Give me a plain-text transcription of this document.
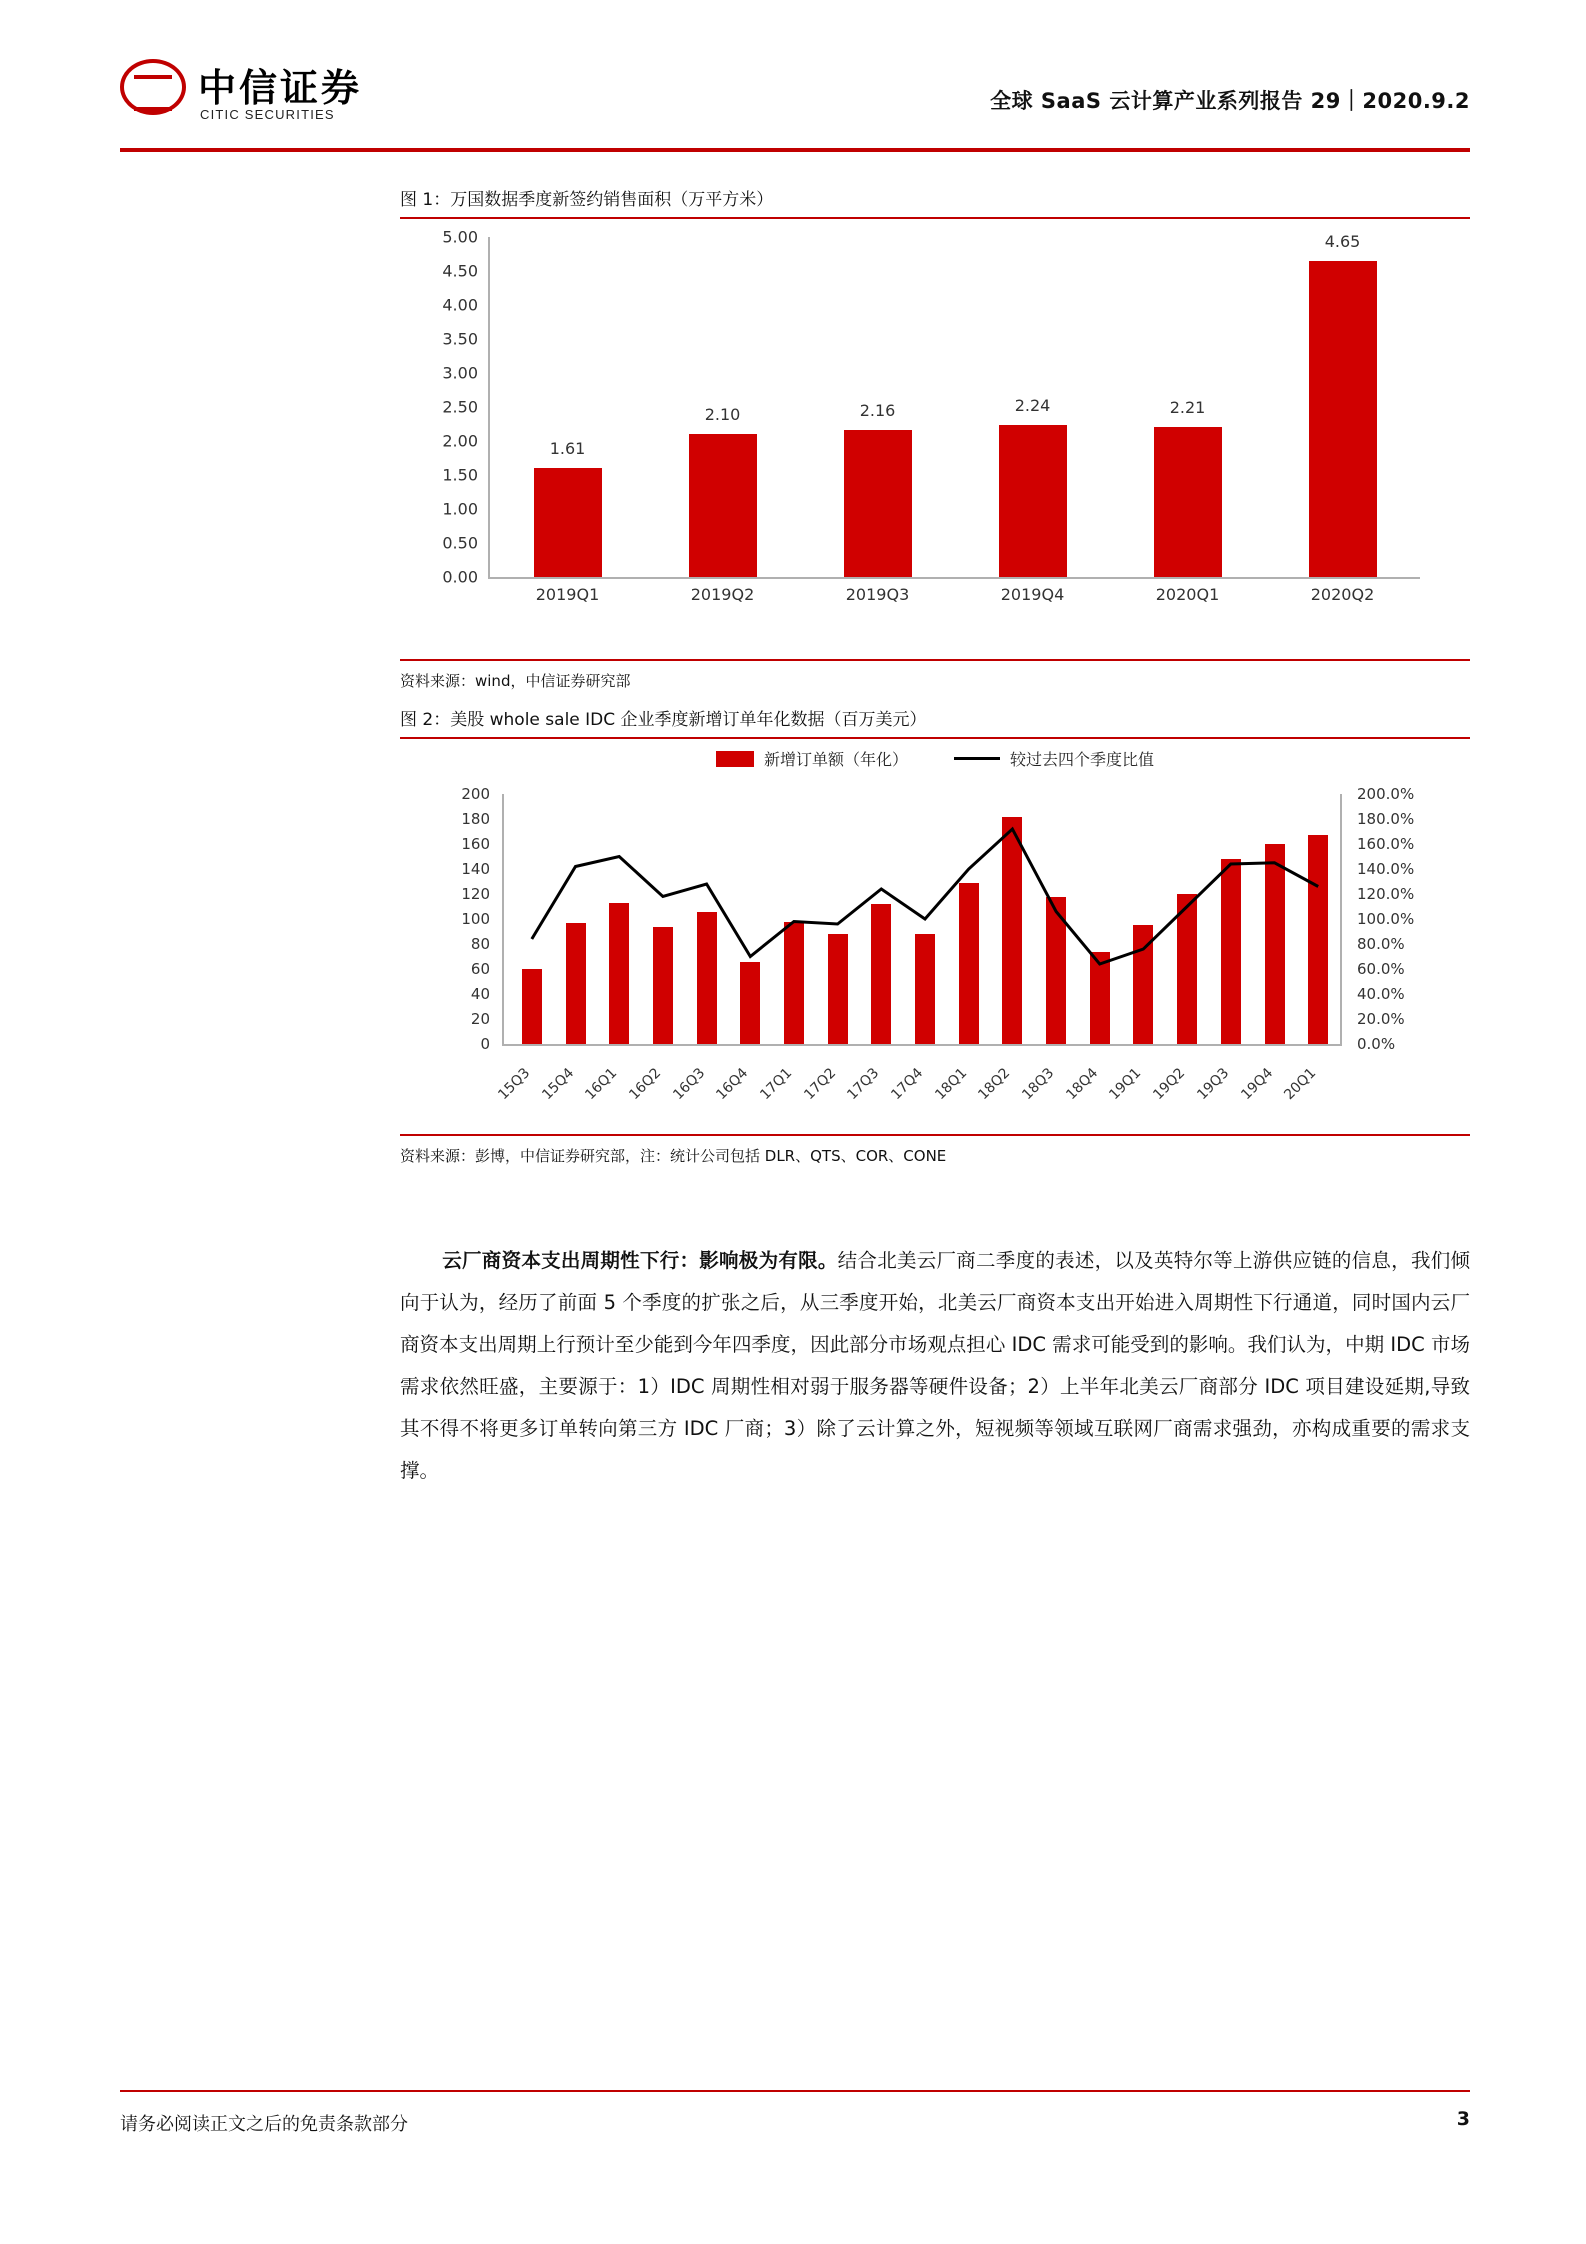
中信证券
CITIC SECURITIES
全球 SaaS 云计算产业系列报告 29｜2020.9.2
图 1：万国数据季度新签约销售面积（万平方米）
0.00
0.50
1.00
1.50
2.00
2.50
3.00
3.50
4.00
4.50
5.00
1.61
2.10	2.16	2.24	2.21
4.65
2019Q1	2019Q2	2019Q3	2019Q4	2020Q1	2020Q2
资料来源：wind，中信证券研究部
图 2：美股 whole sale IDC 企业季度新增订单年化数据（百万美元）
新增订单额（年化）	较过去四个季度比值
0
20
40
60
80
100
120
140
160
180
200
0.0%
20.0%
40.0%
60.0%
80.0%
100.0%
120.0%
140.0%
160.0%
180.0%
200.0%
15Q3 15Q4 16Q1 16Q2 16Q3 16Q4 17Q1 17Q2 17Q3 17Q4 18Q1 18Q2 18Q3 18Q4 19Q1 19Q2 19Q3 19Q4 20Q1
资料来源：彭博，中信证券研究部，注：统计公司包括 DLR、QTS、COR、CONE
云厂商资本支出周期性下行：影响极为有限。结合北美云厂商二季度的表述，以及英特尔等上游供应链的信息，我们倾向于认为，经历了前面 5 个季度的扩张之后，从三季度开始，北美云厂商资本支出开始进入周期性下行通道，同时国内云厂商资本支出周期上行预计至少能到今年四季度，因此部分市场观点担心 IDC 需求可能受到的影响。我们认为，中期 IDC 市场需求依然旺盛，主要源于：1）IDC 周期性相对弱于服务器等硬件设备；2）上半年北美云厂商部分 IDC 项目建设延期,导致其不得不将更多订单转向第三方 IDC 厂商；3）除了云计算之外，短视频等领域互联网厂商需求强劲，亦构成重要的需求支撑。
请务必阅读正文之后的免责条款部分	3
